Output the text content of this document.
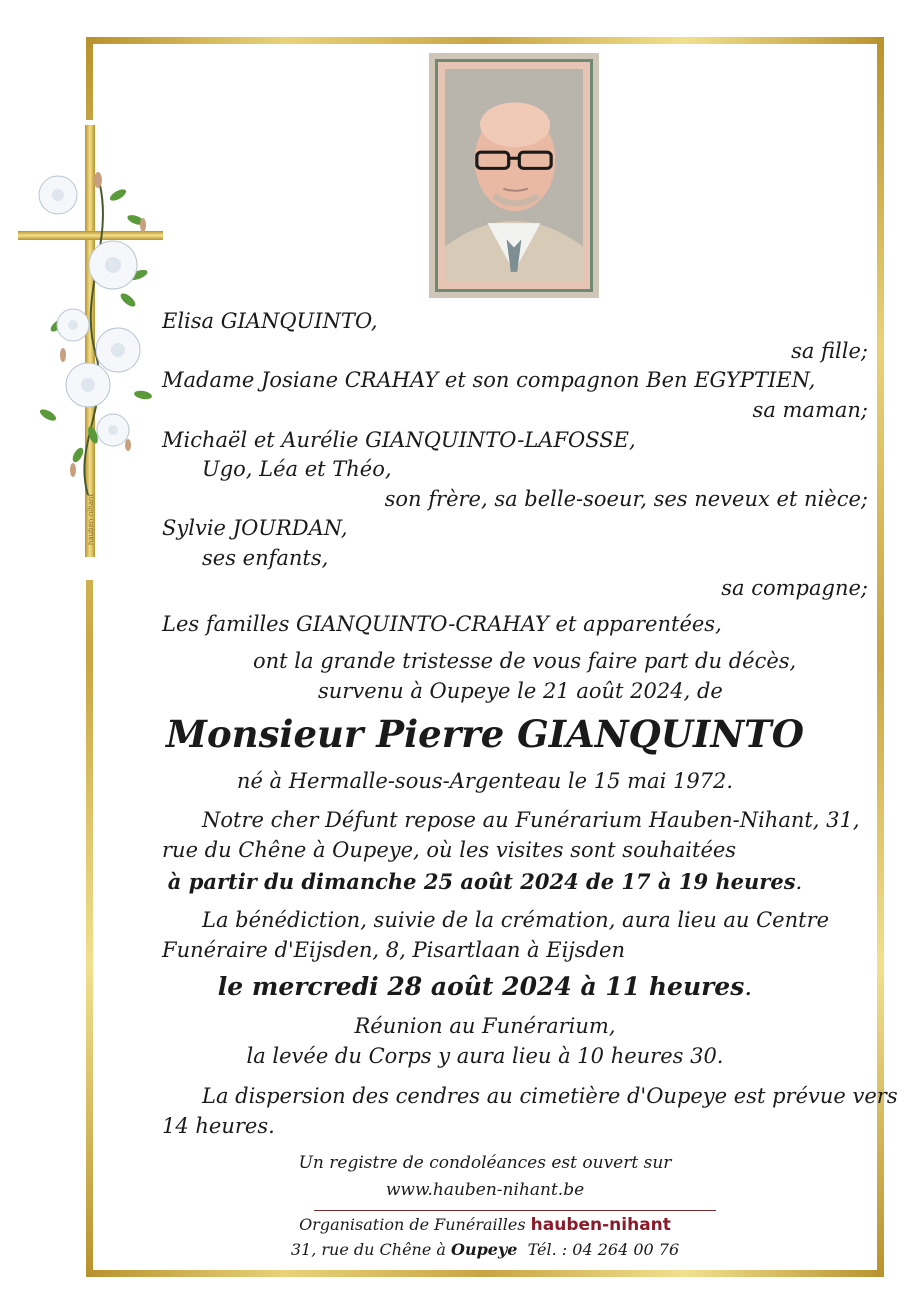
hauben-nihant
Elisa GIANQUINTO,
sa fille;
Madame Josiane CRAHAY et son compagnon Ben EGYPTIEN,
sa maman;
Michaël et Aurélie GIANQUINTO-LAFOSSE,
Ugo, Léa et Théo,
son frère, sa belle-soeur, ses neveux et nièce;
Sylvie JOURDAN,
ses enfants,
sa compagne;
Les familles GIANQUINTO-CRAHAY et apparentées,
ont la grande tristesse de vous faire part du décès,
survenu à Oupeye le 21 août 2024, de
Monsieur Pierre GIANQUINTO
né à Hermalle-sous-Argenteau le 15 mai 1972.
Notre cher Défunt repose au Funérarium Hauben-Nihant, 31,
rue du Chêne à Oupeye, où les visites sont souhaitées
à partir du dimanche 25 août 2024 de 17 à 19 heures.
La bénédiction, suivie de la crémation, aura lieu au Centre
Funéraire d'Eijsden, 8, Pisartlaan à Eijsden
le mercredi 28 août 2024 à 11 heures.
Réunion au Funérarium,
la levée du Corps y aura lieu à 10 heures 30.
La dispersion des cendres au cimetière d'Oupeye est prévue vers
14 heures.
Un registre de condoléances est ouvert sur
www.hauben-nihant.be
Organisation de Funérailles hauben-nihant
31, rue du Chêne à Oupeye Tél. : 04 264 00 76
